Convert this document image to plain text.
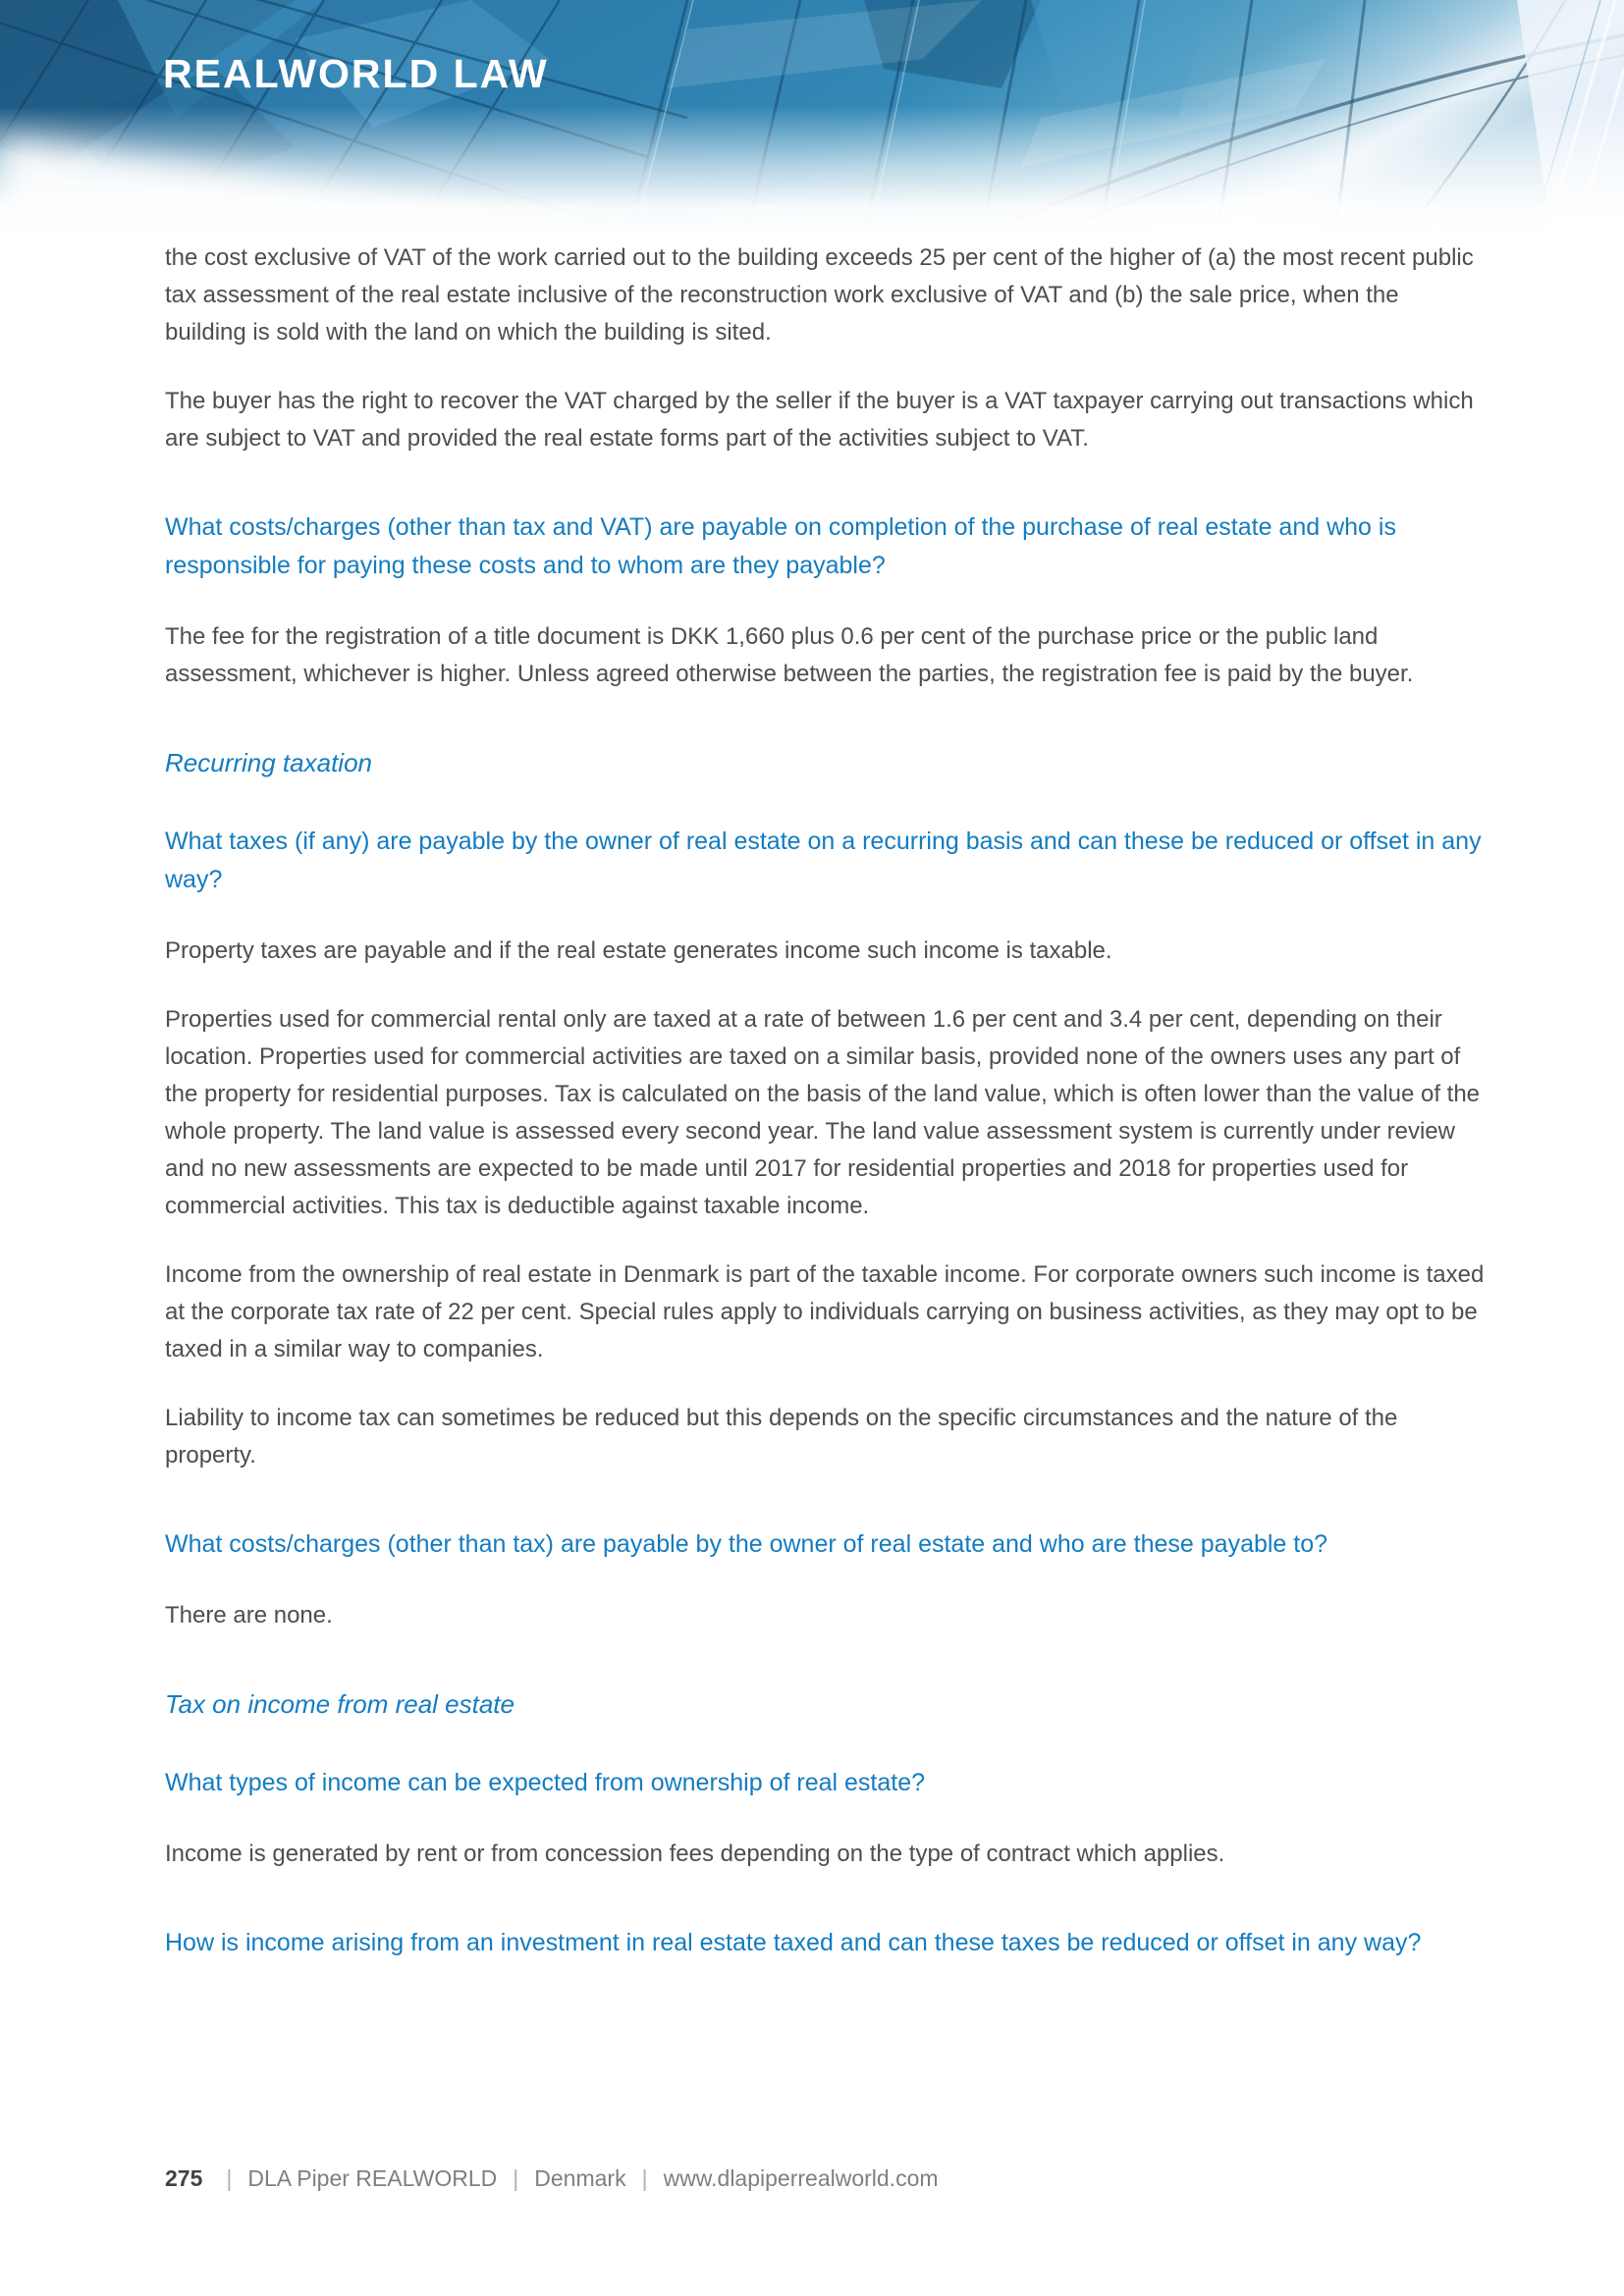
REALWORLD LAW

the cost exclusive of VAT of the work carried out to the building exceeds 25 per cent of the higher of (a) the most recent public tax assessment of the real estate inclusive of the reconstruction work exclusive of VAT and (b) the sale price, when the building is sold with the land on which the building is sited.

The buyer has the right to recover the VAT charged by the seller if the buyer is a VAT taxpayer carrying out transactions which are subject to VAT and provided the real estate forms part of the activities subject to VAT.

What costs/charges (other than tax and VAT) are payable on completion of the purchase of real estate and who is responsible for paying these costs and to whom are they payable?

The fee for the registration of a title document is DKK 1,660 plus 0.6 per cent of the purchase price or the public land assessment, whichever is higher. Unless agreed otherwise between the parties, the registration fee is paid by the buyer.

Recurring taxation
What taxes (if any) are payable by the owner of real estate on a recurring basis and can these be reduced or offset in any way?

Property taxes are payable and if the real estate generates income such income is taxable.

Properties used for commercial rental only are taxed at a rate of between 1.6 per cent and 3.4 per cent, depending on their location. Properties used for commercial activities are taxed on a similar basis, provided none of the owners uses any part of the property for residential purposes. Tax is calculated on the basis of the land value, which is often lower than the value of the whole property. The land value is assessed every second year. The land value assessment system is currently under review and no new assessments are expected to be made until 2017 for residential properties and 2018 for properties used for commercial activities. This tax is deductible against taxable income.

Income from the ownership of real estate in Denmark is part of the taxable income. For corporate owners such income is taxed at the corporate tax rate of 22 per cent. Special rules apply to individuals carrying on business activities, as they may opt to be taxed in a similar way to companies.

Liability to income tax can sometimes be reduced but this depends on the specific circumstances and the nature of the property.

What costs/charges (other than tax) are payable by the owner of real estate and who are these payable to?

There are none.

Tax on income from real estate
What types of income can be expected from ownership of real estate?

Income is generated by rent or from concession fees depending on the type of contract which applies.

How is income arising from an investment in real estate taxed and can these taxes be reduced or offset in any way?
275	| DLA Piper REALWORLD | Denmark | www.dlapiperrealworld.com
